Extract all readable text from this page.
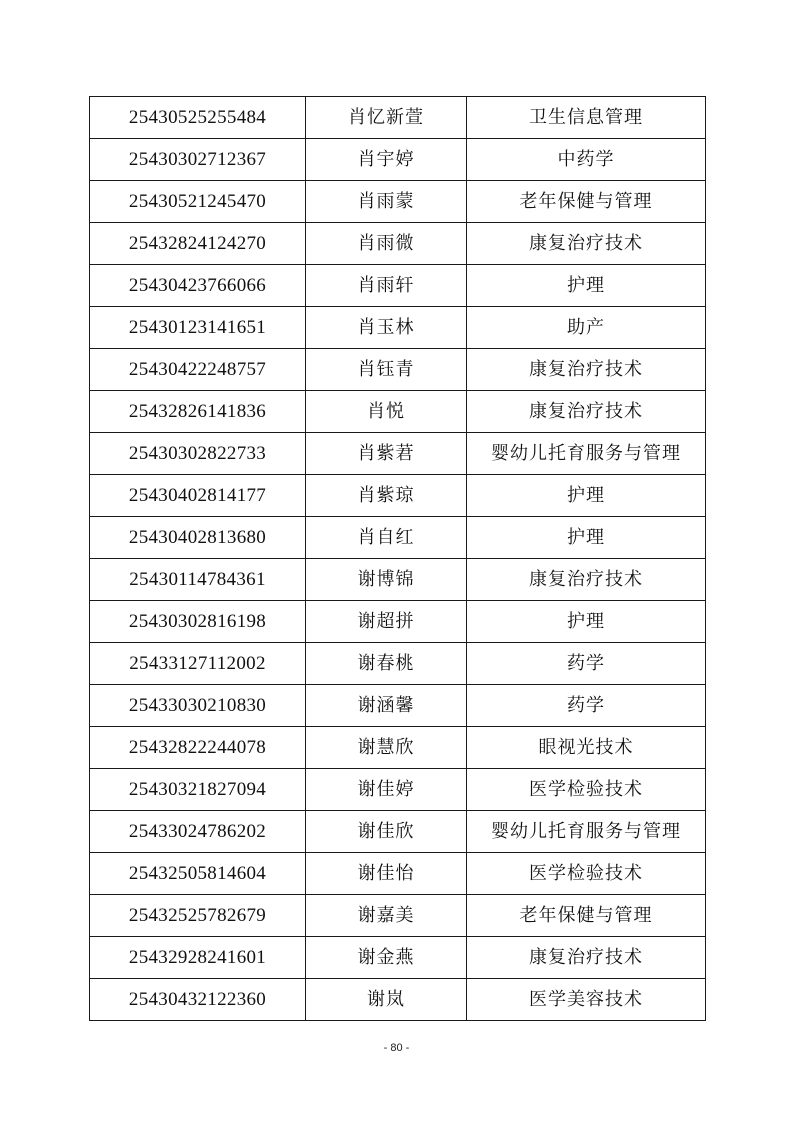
25430525255484	肖忆新萱	卫生信息管理
25430302712367	肖宇婷	中药学
25430521245470	肖雨蒙	老年保健与管理
25432824124270	肖雨微	康复治疗技术
25430423766066	肖雨轩	护理
25430123141651	肖玉林	助产
25430422248757	肖钰青	康复治疗技术
25432826141836	肖悦	康复治疗技术
25430302822733	肖紫莙	婴幼儿托育服务与管理
25430402814177	肖紫琼	护理
25430402813680	肖自红	护理
25430114784361	谢博锦	康复治疗技术
25430302816198	谢超拼	护理
25433127112002	谢春桃	药学
25433030210830	谢涵馨	药学
25432822244078	谢慧欣	眼视光技术
25430321827094	谢佳婷	医学检验技术
25433024786202	谢佳欣	婴幼儿托育服务与管理
25432505814604	谢佳怡	医学检验技术
25432525782679	谢嘉美	老年保健与管理
25432928241601	谢金燕	康复治疗技术
25430432122360	谢岚	医学美容技术
- 80 -
